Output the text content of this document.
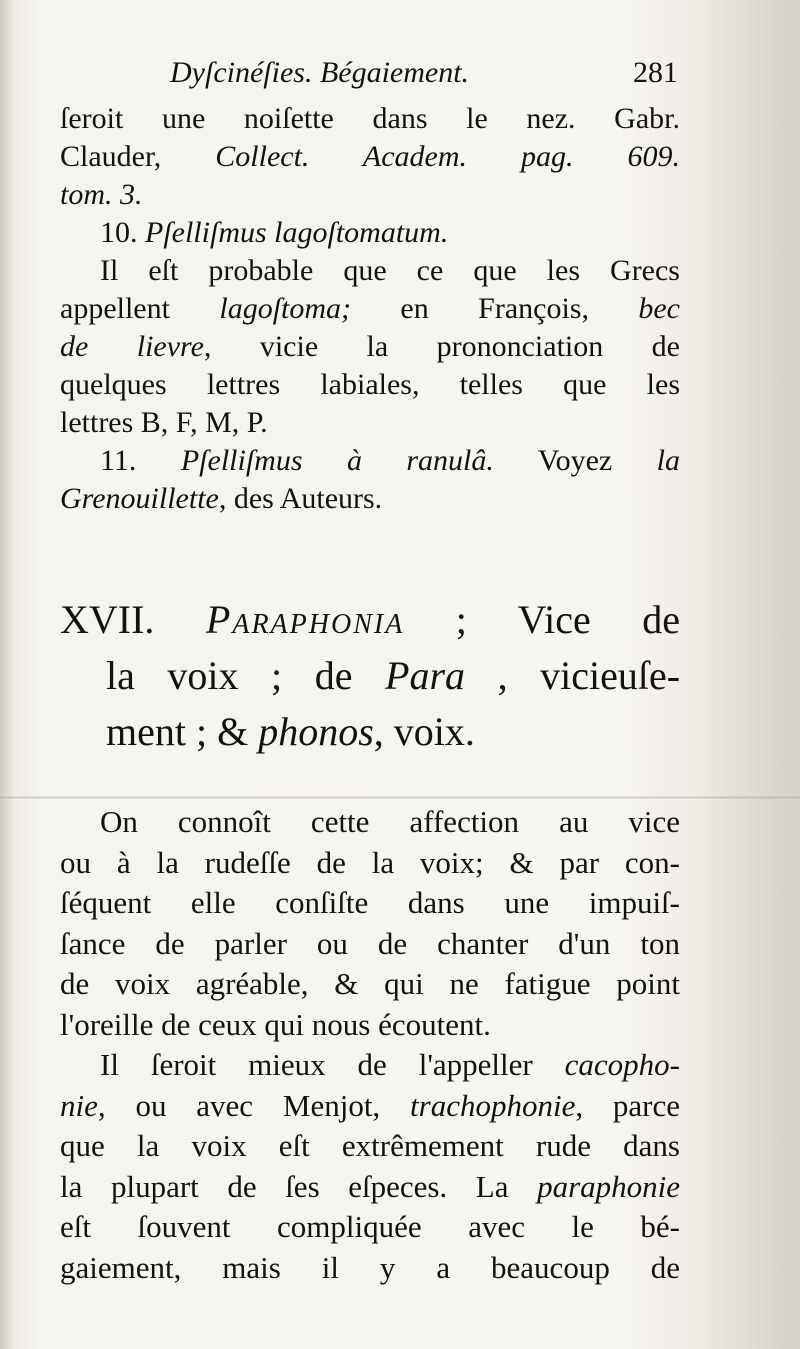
Dyſcinéſies. Bégaiement.	281
ſeroit une noiſette dans le nez. Gabr.
Clauder, Collect. Academ. pag. 609.
tom. 3.
10. Pſelliſmus lagoſtomatum.
Il eſt probable que ce que les Grecs
appellent lagoſtoma; en François, bec
de lievre, vicie la prononciation de
quelques lettres labiales, telles que les
lettres B, F, M, P.
11. Pſelliſmus à ranulâ. Voyez la
Grenouillette, des Auteurs.
XVII. Paraphonia ; Vice de
la voix ; de Para , vicieuſe-
ment ; & phonos, voix.
On connoît cette affection au vice
ou à la rudeſſe de la voix; & par con-
ſéquent elle conſiſte dans une impuiſ-
ſance de parler ou de chanter d'un ton
de voix agréable, & qui ne fatigue point
l'oreille de ceux qui nous écoutent.
Il ſeroit mieux de l'appeller cacopho-
nie, ou avec Menjot, trachophonie, parce
que la voix eſt extrêmement rude dans
la plupart de ſes eſpeces. La paraphonie
eſt ſouvent compliquée avec le bé-
gaiement, mais il y a beaucoup de
